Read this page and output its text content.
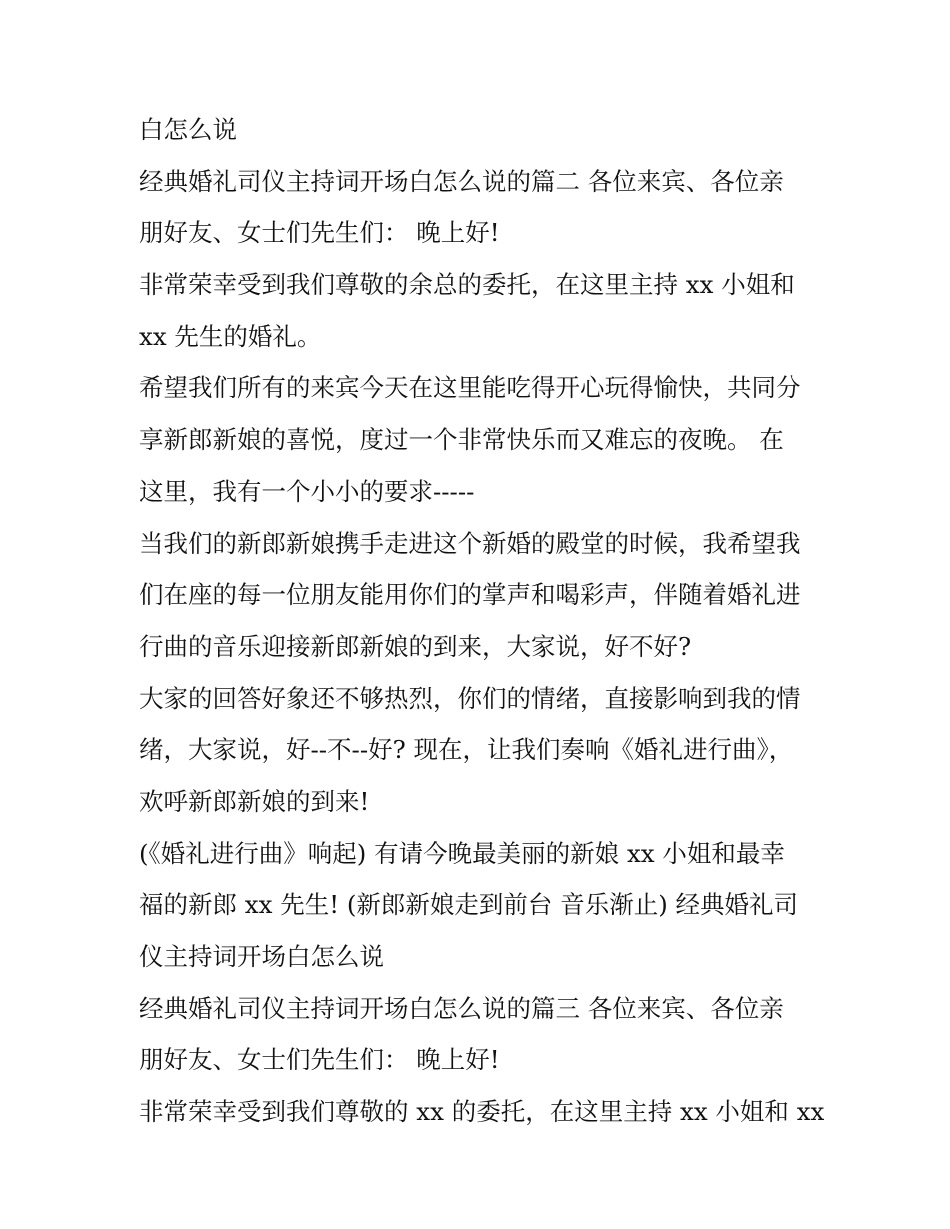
白怎么说
经典婚礼司仪主持词开场白怎么说的篇二 各位来宾、各位亲
朋好友、女士们先生们： 晚上好!
非常荣幸受到我们尊敬的余总的委托，在这里主持 xx 小姐和
xx 先生的婚礼。
希望我们所有的来宾今天在这里能吃得开心玩得愉快，共同分
享新郎新娘的喜悦，度过一个非常快乐而又难忘的夜晚。 在
这里，我有一个小小的要求-----
当我们的新郎新娘携手走进这个新婚的殿堂的时候，我希望我
们在座的每一位朋友能用你们的掌声和喝彩声，伴随着婚礼进
行曲的音乐迎接新郎新娘的到来，大家说，好不好?
大家的回答好象还不够热烈，你们的情绪，直接影响到我的情
绪，大家说，好--不--好? 现在，让我们奏响《婚礼进行曲》，
欢呼新郎新娘的到来!
(《婚礼进行曲》响起) 有请今晚最美丽的新娘 xx 小姐和最幸
福的新郎 xx 先生! (新郎新娘走到前台 音乐渐止) 经典婚礼司
仪主持词开场白怎么说
经典婚礼司仪主持词开场白怎么说的篇三 各位来宾、各位亲
朋好友、女士们先生们： 晚上好!
非常荣幸受到我们尊敬的 xx 的委托，在这里主持 xx 小姐和 xx
